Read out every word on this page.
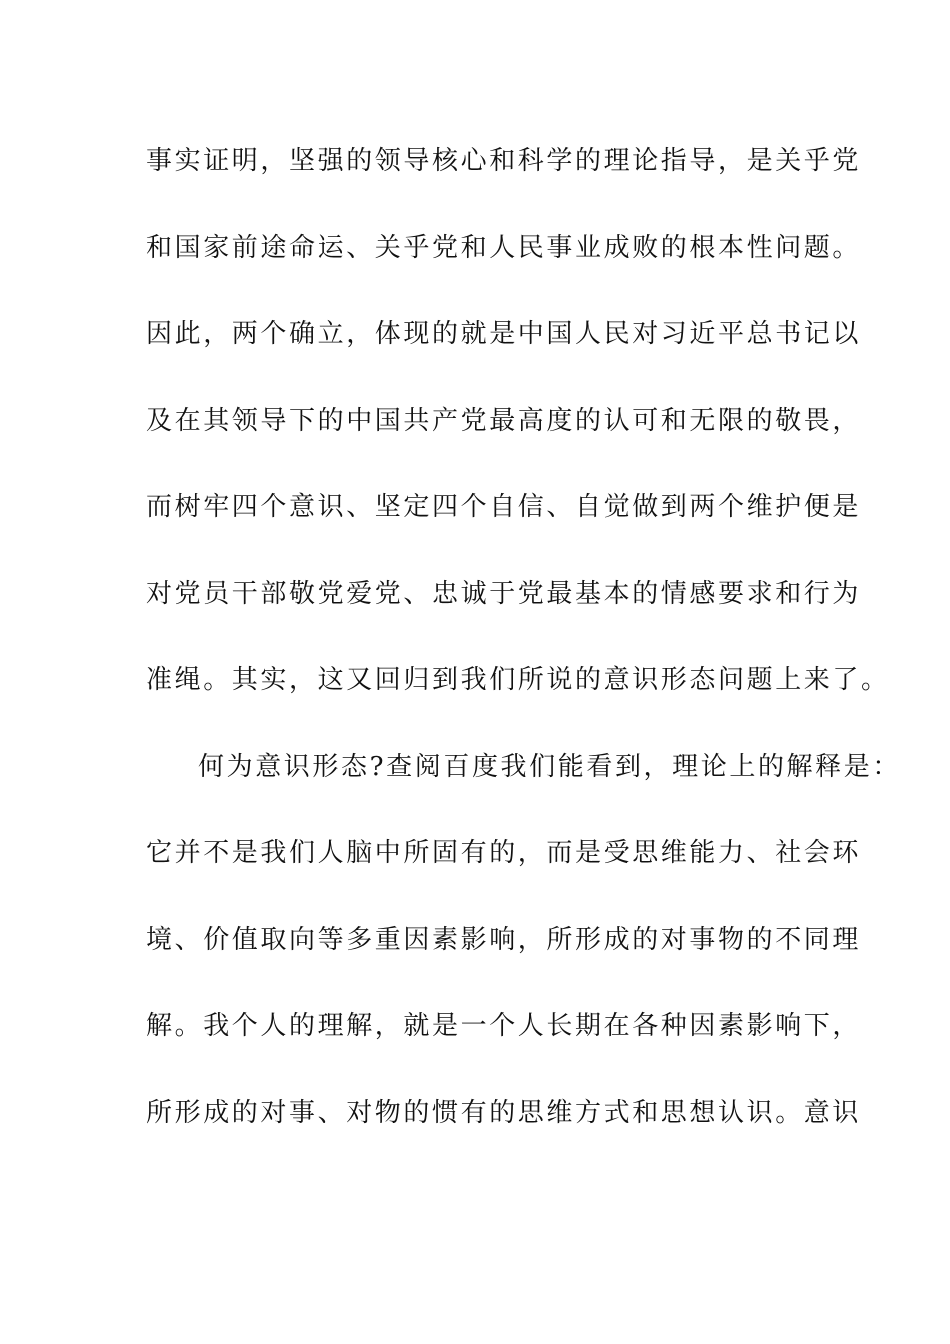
事实证明，坚强的领导核心和科学的理论指导，是关乎党

和国家前途命运、关乎党和人民事业成败的根本性问题。

因此，两个确立，体现的就是中国人民对习近平总书记以

及在其领导下的中国共产党最高度的认可和无限的敬畏，

而树牢四个意识、坚定四个自信、自觉做到两个维护便是

对党员干部敬党爱党、忠诚于党最基本的情感要求和行为

准绳。其实，这又回归到我们所说的意识形态问题上来了。

何为意识形态?查阅百度我们能看到，理论上的解释是：

它并不是我们人脑中所固有的，而是受思维能力、社会环

境、价值取向等多重因素影响，所形成的对事物的不同理

解。我个人的理解，就是一个人长期在各种因素影响下，

所形成的对事、对物的惯有的思维方式和思想认识。意识
